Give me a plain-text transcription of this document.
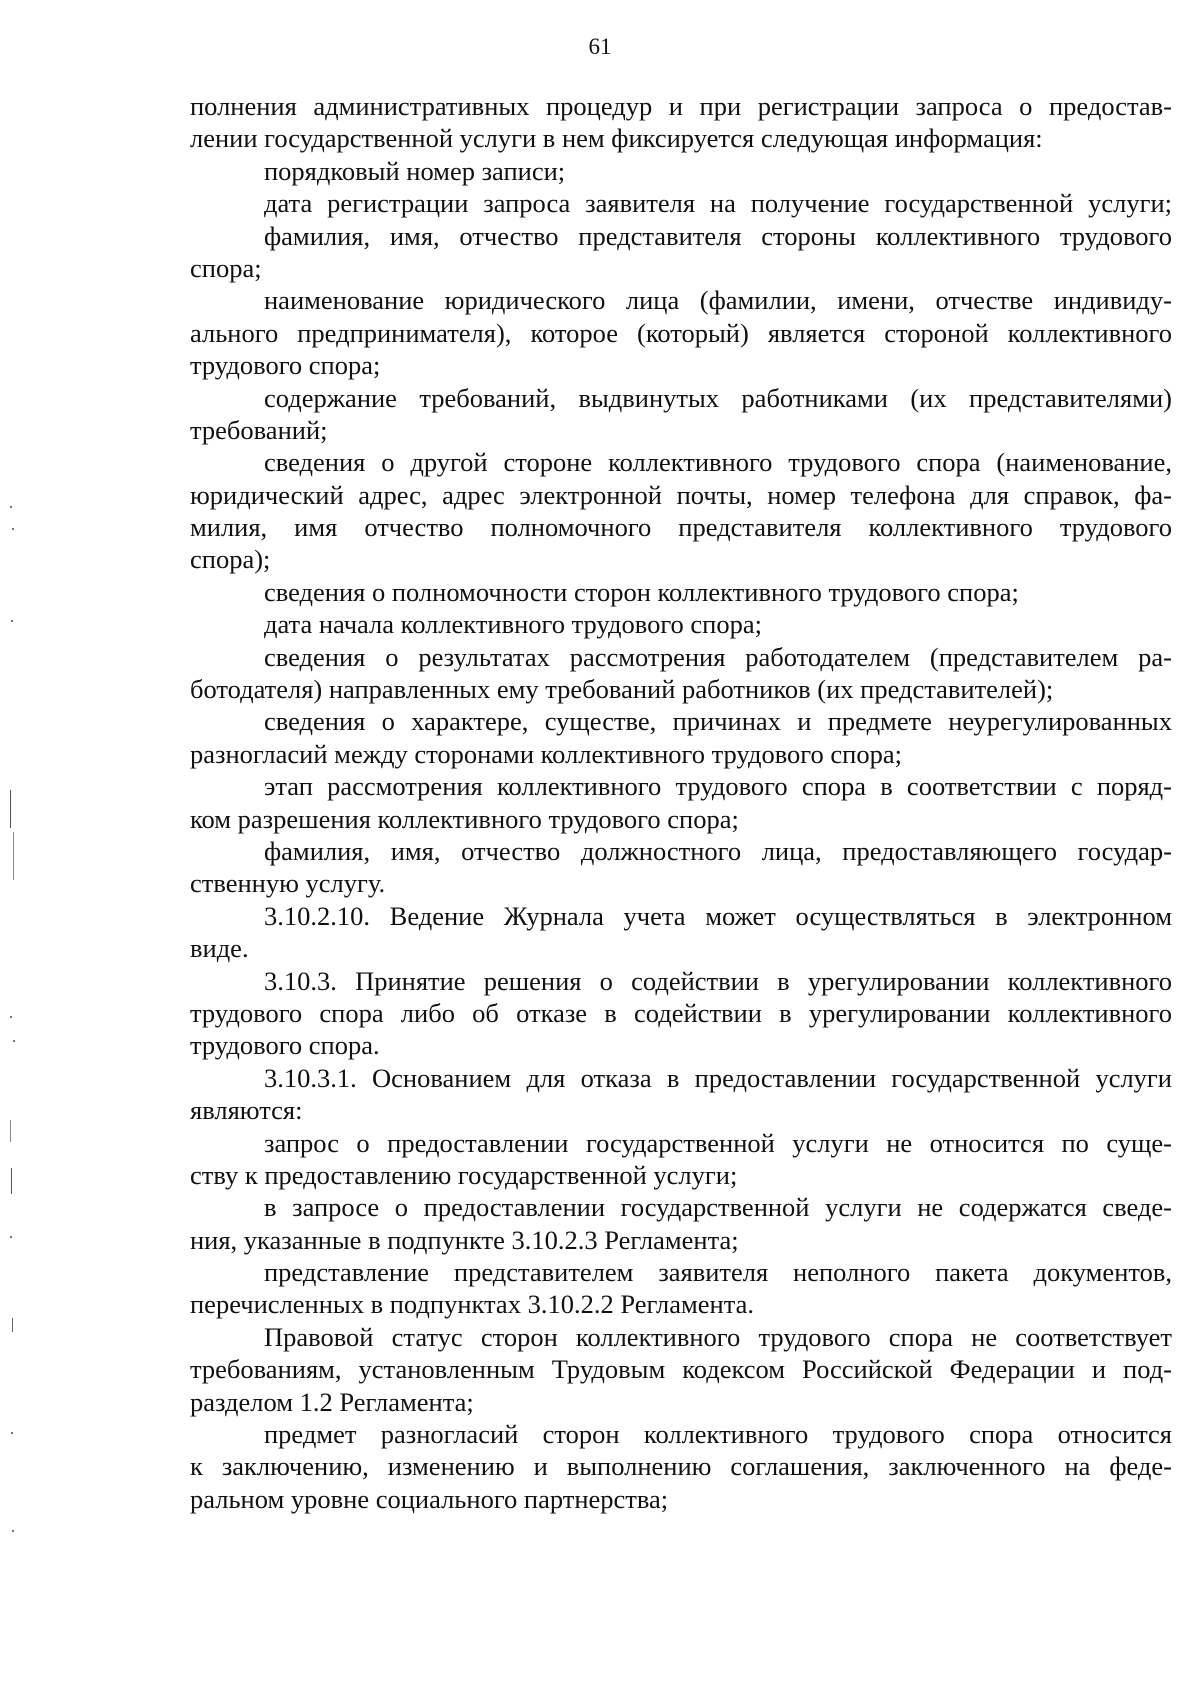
61
полнения административных процедур и при регистрации запроса о предостав-
лении государственной услуги в нем фиксируется следующая информация:
порядковый номер записи;
дата регистрации запроса заявителя на получение государственной услуги;
фамилия, имя, отчество представителя стороны коллективного трудового
спора;
наименование юридического лица (фамилии, имени, отчестве индивиду-
ального предпринимателя), которое (который) является стороной коллективного
трудового спора;
содержание требований, выдвинутых работниками (их представителями)
требований;
сведения о другой стороне коллективного трудового спора (наименование,
юридический адрес, адрес электронной почты, номер телефона для справок, фа-
милия, имя отчество полномочного представителя коллективного трудового
спора);
сведения о полномочности сторон коллективного трудового спора;
дата начала коллективного трудового спора;
сведения о результатах рассмотрения работодателем (представителем ра-
ботодателя) направленных ему требований работников (их представителей);
сведения о характере, существе, причинах и предмете неурегулированных
разногласий между сторонами коллективного трудового спора;
этап рассмотрения коллективного трудового спора в соответствии с поряд-
ком разрешения коллективного трудового спора;
фамилия, имя, отчество должностного лица, предоставляющего государ-
ственную услугу.
3.10.2.10. Ведение Журнала учета может осуществляться в электронном
виде.
3.10.3. Принятие решения о содействии в урегулировании коллективного
трудового спора либо об отказе в содействии в урегулировании коллективного
трудового спора.
3.10.3.1. Основанием для отказа в предоставлении государственной услуги
являются:
запрос о предоставлении государственной услуги не относится по суще-
ству к предоставлению государственной услуги;
в запросе о предоставлении государственной услуги не содержатся сведе-
ния, указанные в подпункте 3.10.2.3 Регламента;
представление представителем заявителя неполного пакета документов,
перечисленных в подпунктах 3.10.2.2 Регламента.
Правовой статус сторон коллективного трудового спора не соответствует
требованиям, установленным Трудовым кодексом Российской Федерации и под-
разделом 1.2 Регламента;
предмет разногласий сторон коллективного трудового спора относится
к заключению, изменению и выполнению соглашения, заключенного на феде-
ральном уровне социального партнерства;
